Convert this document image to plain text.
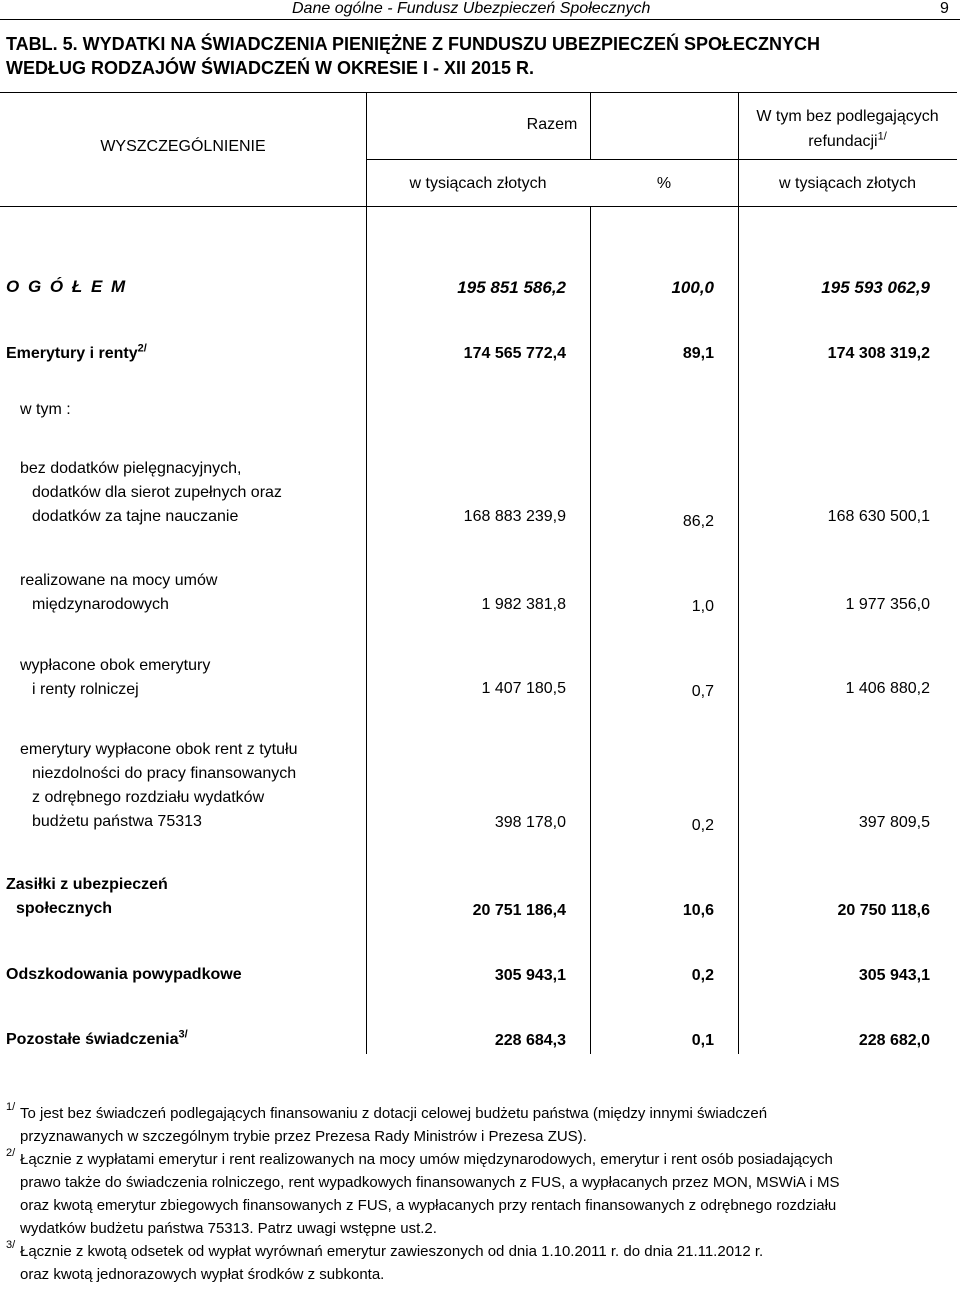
Dane ogólne - Fundusz Ubezpieczeń Społecznych	9
TABL. 5. WYDATKI NA ŚWIADCZENIA PIENIĘŻNE Z FUNDUSZU UBEZPIECZEŃ SPOŁECZNYCH
WEDŁUG RODZAJÓW ŚWIADCZEŃ W OKRESIE I - XII 2015 R.
WYSZCZEGÓLNIENIE
Razem	W tym bez podlegających
refundacji$^{1/}$
w tysiącach złotych	%	w tysiącach złotych
O G Ó Ł E M	195 851 586,2	100,0	195 593 062,9
Emerytury i renty$^{2/}$	174 565 772,4	89,1	174 308 319,2
w tym :
bez dodatków pielęgnacyjnych,
dodatków dla sierot zupełnych oraz
dodatków za tajne nauczanie	168 883 239,9	86,2	168 630 500,1
realizowane na mocy umów
międzynarodowych	1 982 381,8	1,0	1 977 356,0
wypłacone obok emerytury
i renty rolniczej	1 407 180,5	0,7	1 406 880,2
emerytury wypłacone obok rent z tytułu
niezdolności do pracy finansowanych
z odrębnego rozdziału wydatków
budżetu państwa 75313	398 178,0	0,2	397 809,5
Zasiłki z ubezpieczeń
społecznych	20 751 186,4	10,6	20 750 118,6
Odszkodowania powypadkowe	305 943,1	0,2	305 943,1
Pozostałe świadczenia$^{3/}$	228 684,3	0,1	228 682,0
1/ To jest bez świadczeń podlegających finansowaniu z dotacji celowej budżetu państwa (między innymi świadczeń
przyznawanych w szczególnym trybie przez Prezesa Rady Ministrów i Prezesa ZUS).
2/ Łącznie z wypłatami emerytur i rent realizowanych na mocy umów międzynarodowych, emerytur i rent osób posiadających
prawo także do świadczenia rolniczego, rent wypadkowych finansowanych z FUS, a wypłacanych przez MON, MSWiA i MS
oraz kwotą emerytur zbiegowych finansowanych z FUS, a wypłacanych przy rentach finansowanych z odrębnego rozdziału
wydatków budżetu państwa 75313. Patrz uwagi wstępne ust.2.
3/ Łącznie z kwotą odsetek od wypłat wyrównań emerytur zawieszonych od dnia 1.10.2011 r. do dnia 21.11.2012 r.
oraz kwotą jednorazowych wypłat środków z subkonta.
